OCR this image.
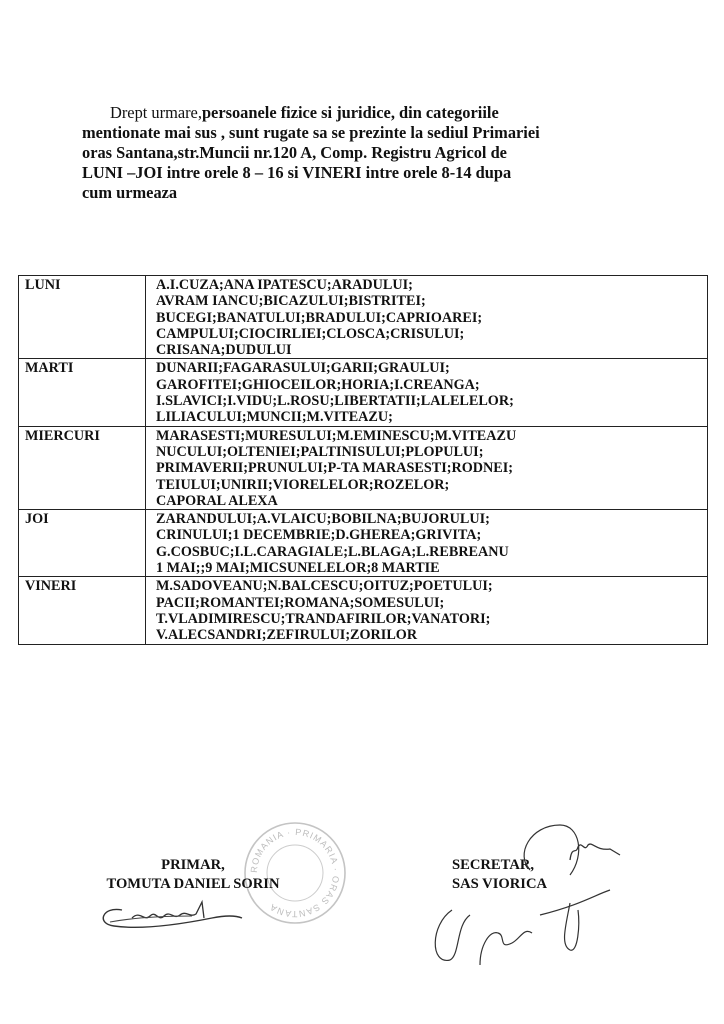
Drept urmare,persoanele fizice si juridice, din categoriile
mentionate mai sus , sunt rugate sa se prezinte la sediul Primariei
oras Santana,str.Muncii nr.120 A, Comp. Registru Agricol de
LUNI –JOI intre orele 8 – 16 si VINERI intre orele 8-14 dupa
cum urmeaza
LUNI	A.I.CUZA;ANA IPATESCU;ARADULUI;
AVRAM IANCU;BICAZULUI;BISTRITEI;
BUCEGI;BANATULUI;BRADULUI;CAPRIOAREI;
CAMPULUI;CIOCIRLIEI;CLOSCA;CRISULUI;
CRISANA;DUDULUI

MARTI	DUNARII;FAGARASULUI;GARII;GRAULUI;
GAROFITEI;GHIOCEILOR;HORIA;I.CREANGA;
I.SLAVICI;I.VIDU;L.ROSU;LIBERTATII;LALELELOR;
LILIACULUI;MUNCII;M.VITEAZU;

MIERCURI	MARASESTI;MURESULUI;M.EMINESCU;M.VITEAZU
NUCULUI;OLTENIEI;PALTINISULUI;PLOPULUI;
PRIMAVERII;PRUNULUI;P-TA MARASESTI;RODNEI;
TEIULUI;UNIRII;VIORELELOR;ROZELOR;
CAPORAL ALEXA

JOI	ZARANDULUI;A.VLAICU;BOBILNA;BUJORULUI;
CRINULUI;1 DECEMBRIE;D.GHEREA;GRIVITA;
G.COSBUC;I.L.CARAGIALE;L.BLAGA;L.REBREANU
1 MAI;;9 MAI;MICSUNELELOR;8 MARTIE

VINERI	M.SADOVEANU;N.BALCESCU;OITUZ;POETULUI;
PACII;ROMANTEI;ROMANA;SOMESULUI;
T.VLADIMIRESCU;TRANDAFIRILOR;VANATORI;
V.ALECSANDRI;ZEFIRULUI;ZORILOR
ROMANIA · PRIMARIA · ORAS SANTANA
PRIMAR,
TOMUTA DANIEL SORIN
SECRETAR,
SAS VIORICA
